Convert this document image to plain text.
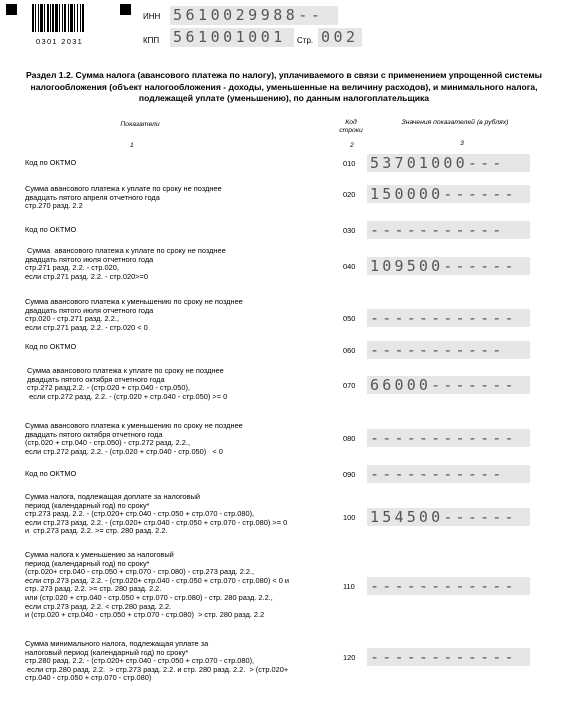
0301 2031
ИНН 5610029988--
КПП 561001001	Стр. 002
Раздел 1.2. Сумма налога (авансового платежа по налогу), уплачиваемого в связи с применением упрощенной системы налогообложения (объект налогообложения - доходы, уменьшенные на величину расходов), и минимального налога, подлежащей уплате (уменьшению), по данным налогоплательщика
Показатели	Код строки
Значения показателей (в рублях)
1	2	3
Код по ОКТМО	010 53701000---
Сумма авансового платежа к уплате по сроку не позднее
двадцать пятого апреля отчетного года
стр.270 разд. 2.2
020 150000------
Код по ОКТМО	030 -----------
Сумма  авансового платежа к уплате по сроку не позднее
двадцать пятого июля отчетного года
стр.271 разд. 2.2. - стр.020,
если стр.271 разд. 2.2. - стр.020>=0
040 109500------
Сумма авансового платежа к уменьшению по сроку не позднее
двадцать пятого июля отчетного года
стр.020 - стр.271 разд. 2.2.,
если стр.271 разд. 2.2. - стр.020 < 0
050 ------------
Код по ОКТМО	060 -----------
Сумма авансового платежа к уплате по сроку не позднее
двадцать пятого октября отчетного года
стр.272 разд.2.2. - (стр.020 + стр.040 - стр.050),
если стр.272 разд. 2.2. - (стр.020 + стр.040 - стр.050) >= 0
070 66000-------
Сумма авансового платежа к уменьшению по сроку не позднее
двадцать пятого октября отчетного года
(стр.020 + стр.040 - стр.050) - стр.272 разд. 2.2.,
если стр.272 разд. 2.2. - (стр.020 + стр.040 - стр.050)   < 0
080 ------------
Код по ОКТМО	090 -----------
Сумма налога, подлежащая доплате за налоговый
период (календарный год) по сроку*
стр.273 разд. 2.2. - (стр.020+ стр.040 - стр.050 + стр.070 - стр.080),
если стр.273 разд. 2.2. - (стр.020+ стр.040 - стр.050 + стр.070 - стр.080) >= 0
и  стр.273 разд. 2.2. >= стр. 280 разд. 2.2.
100 154500------
Сумма налога к уменьшению за налоговый
период (календарный год) по сроку*
(стр.020+ стр.040 - стр.050 + стр.070 - стр.080) - стр.273 разд. 2.2.,
если стр.273 разд. 2.2. - (стр.020+ стр.040 - стр.050 + стр.070 - стр.080) < 0 и
стр. 273 разд. 2.2. >= стр. 280 разд. 2.2.
или (стр.020 + стр.040 - стр.050 + стр.070 - стр.080) - стр. 280 разд. 2.2.,
если стр.273 разд. 2.2. < стр.280 разд. 2.2.
и (стр.020 + стр.040 - стр.050 + стр.070 - стр.080)  > стр. 280 разд. 2.2
110 ------------
Сумма минимального налога, подлежащая уплате за
налоговый период (календарный год) по сроку*
стр.280 разд. 2.2. - (стр.020+ стр.040 - стр.050 + стр.070 - стр.080),
если стр.280 разд. 2.2.  > стр.273 разд. 2.2. и стр. 280 разд. 2.2.  > (стр.020+
стр.040 - стр.050 + стр.070 - стр.080)
120 ------------
